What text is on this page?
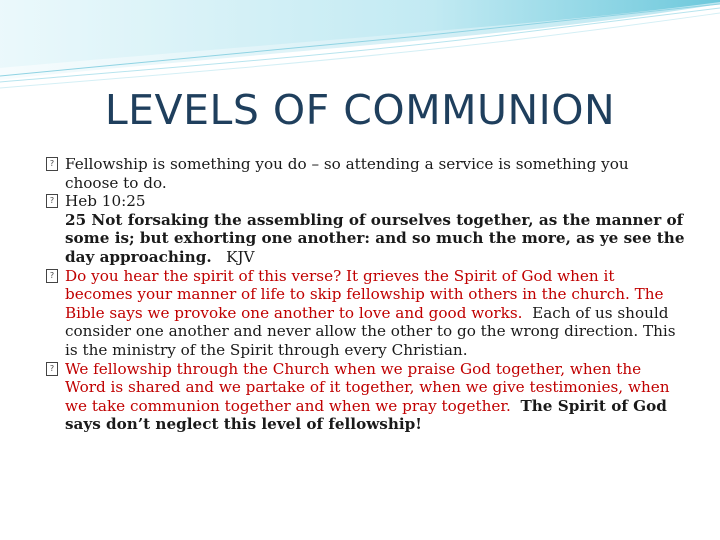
LEVELS OF COMMUNION

? Fellowship is something you do – so attending a service is something you choose to do.

? Heb 10:25

25 Not forsaking the assembling of ourselves together, as the manner of some is; but exhorting one another: and so much the more, as ye see the day approaching. KJV

? Do you hear the spirit of this verse? It grieves the Spirit of God when it becomes your manner of life to skip fellowship with others in the church. The Bible says we provoke one another to love and good works. Each of us should consider one another and never allow the other to go the wrong direction. This is the ministry of the Spirit through every Christian.

? We fellowship through the Church when we praise God together, when the Word is shared and we partake of it together, when we give testimonies, when we take communion together and when we pray together. The Spirit of God says don’t neglect this level of fellowship!
